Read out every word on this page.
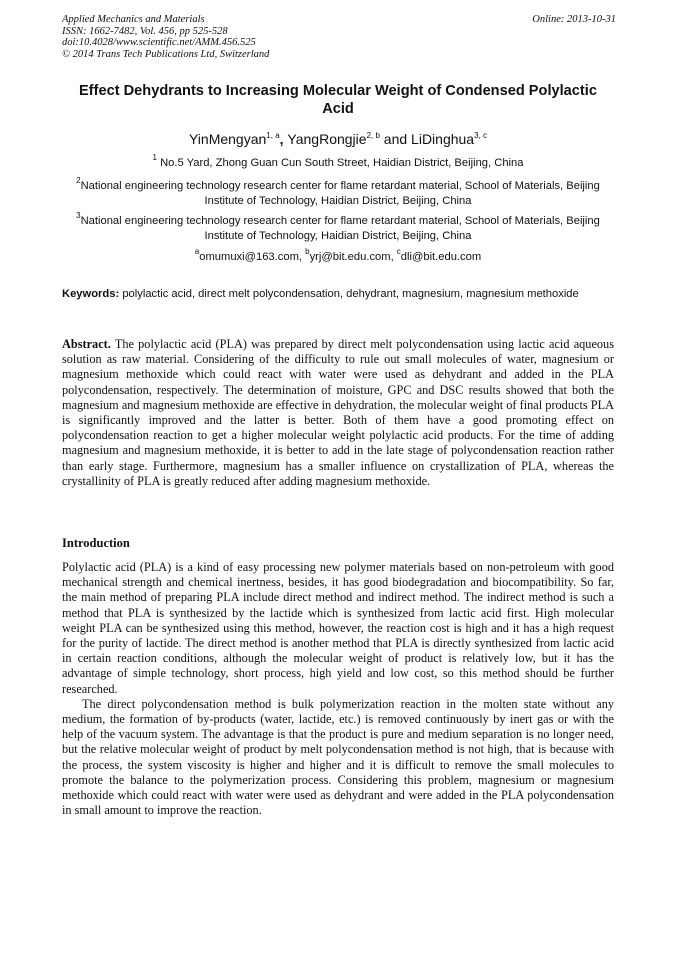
Applied Mechanics and Materials
ISSN: 1662-7482, Vol. 456, pp 525-528
doi:10.4028/www.scientific.net/AMM.456.525
© 2014 Trans Tech Publications Ltd, Switzerland
Online: 2013-10-31
Effect Dehydrants to Increasing Molecular Weight of Condensed Polylactic Acid
YinMengyan$^{1, a}$, YangRongjie$^{2, b}$ and LiDinghua$^{3, c}$
$^1$ No.5 Yard, Zhong Guan Cun South Street, Haidian District, Beijing, China
$^2$National engineering technology research center for flame retardant material, School of Materials, Beijing Institute of Technology, Haidian District, Beijing, China
$^3$National engineering technology research center for flame retardant material, School of Materials, Beijing Institute of Technology, Haidian District, Beijing, China
$^a$omumuxi@163.com, $^b$yrj@bit.edu.com, $^c$dli@bit.edu.com
Keywords: polylactic acid, direct melt polycondensation, dehydrant, magnesium, magnesium methoxide
Abstract. The polylactic acid (PLA) was prepared by direct melt polycondensation using lactic acid aqueous solution as raw material. Considering of the difficulty to rule out small molecules of water, magnesium or magnesium methoxide which could react with water were used as dehydrant and added in the PLA polycondensation, respectively. The determination of moisture, GPC and DSC results showed that both the magnesium and magnesium methoxide are effective in dehydration, the molecular weight of final products PLA is significantly improved and the latter is better. Both of them have a good promoting effect on polycondensation reaction to get a higher molecular weight polylactic acid products. For the time of adding magnesium and magnesium methoxide, it is better to add in the late stage of polycondensation reaction rather than early stage. Furthermore, magnesium has a smaller influence on crystallization of PLA, whereas the crystallinity of PLA is greatly reduced after adding magnesium methoxide.
Introduction
Polylactic acid (PLA) is a kind of easy processing new polymer materials based on non-petroleum with good mechanical strength and chemical inertness, besides, it has good biodegradation and biocompatibility. So far, the main method of preparing PLA include direct method and indirect method. The indirect method is such a method that PLA is synthesized by the lactide which is synthesized from lactic acid first. High molecular weight PLA can be synthesized using this method, however, the reaction cost is high and it has a high request for the purity of lactide. The direct method is another method that PLA is directly synthesized from lactic acid in certain reaction conditions, although the molecular weight of product is relatively low, but it has the advantage of simple technology, short process, high yield and low cost, so this method should be further researched.
The direct polycondensation method is bulk polymerization reaction in the molten state without any medium, the formation of by-products (water, lactide, etc.) is removed continuously by inert gas or with the help of the vacuum system. The advantage is that the product is pure and medium separation is no longer need, but the relative molecular weight of product by melt polycondensation method is not high, that is because with the process, the system viscosity is higher and higher and it is difficult to remove the small molecules to promote the balance to the polymerization process. Considering this problem, magnesium or magnesium methoxide which could react with water were used as dehydrant and were added in the PLA polycondensation in small amount to improve the reaction.
